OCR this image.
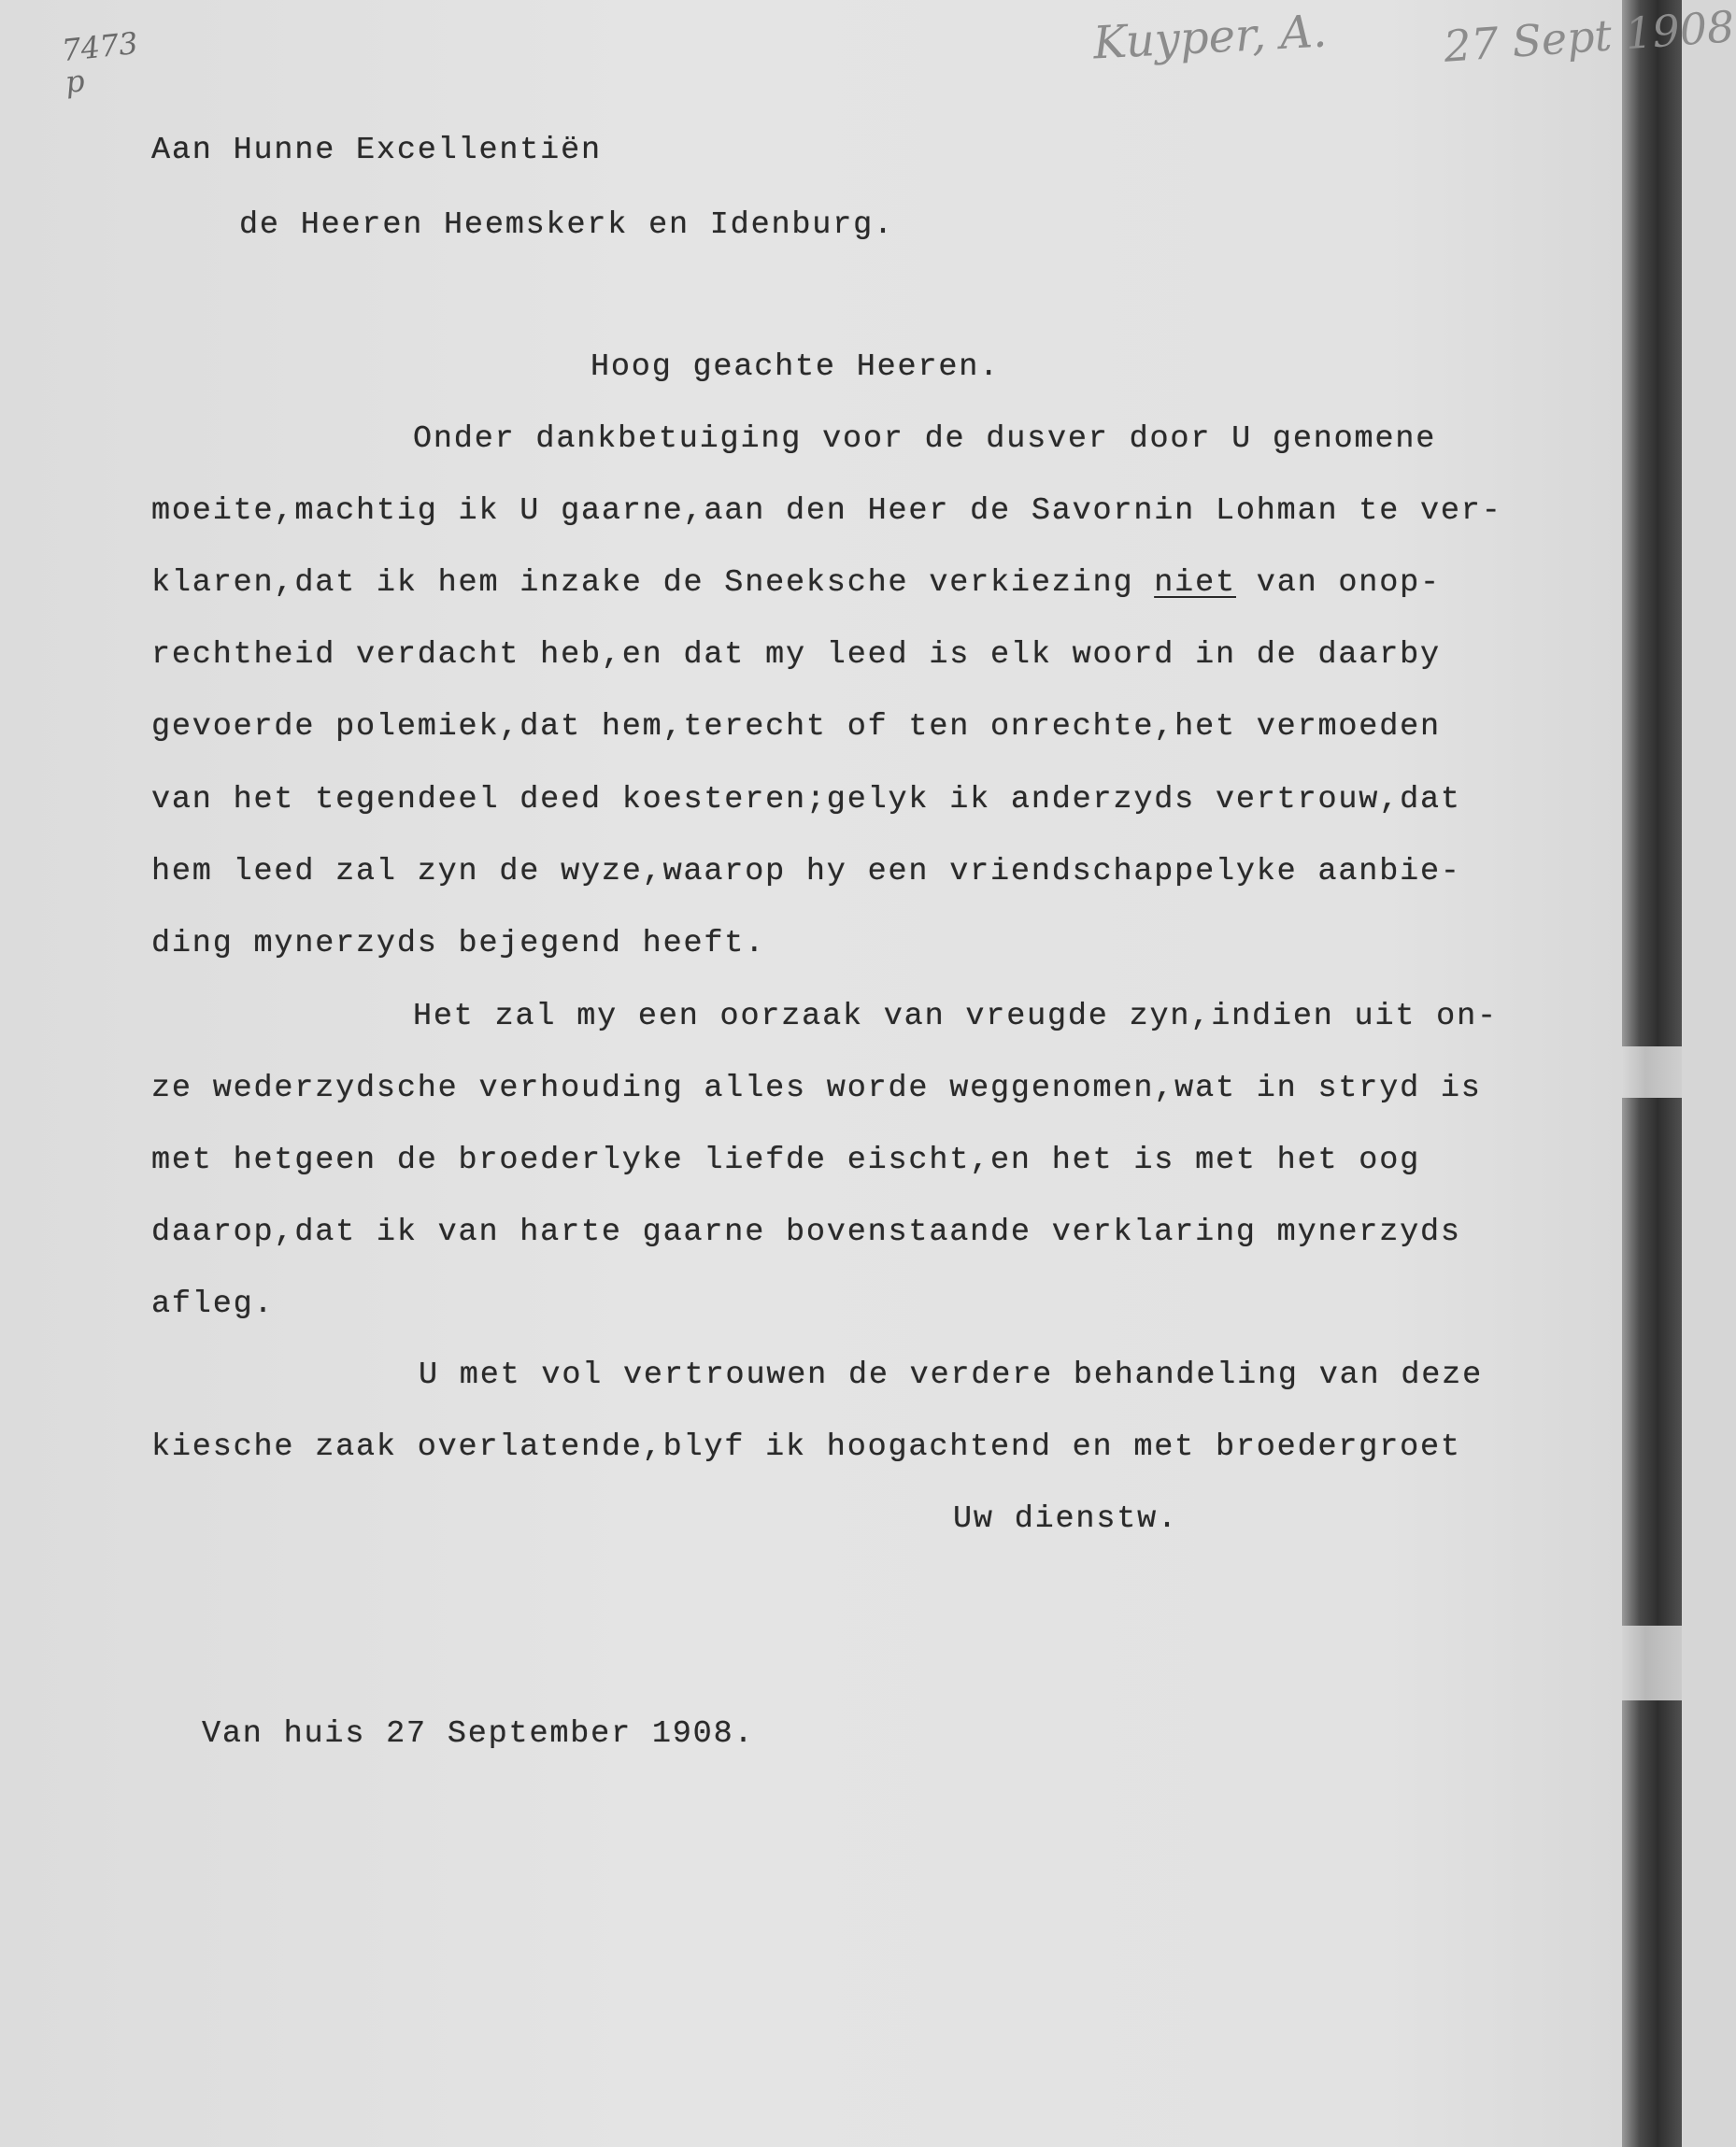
7473
p
Kuyper, A.	27 Sept 1908
Aan Hunne Excellentiën
de Heeren Heemskerk en Idenburg.
Hoog geachte Heeren.
Onder dankbetuiging voor de dusver door U genomene
moeite,machtig ik U gaarne,aan den Heer de Savornin Lohman te ver-
klaren,dat ik hem inzake de Sneeksche verkiezing niet van onop-
rechtheid verdacht heb,en dat my leed is elk woord in de daarby
gevoerde polemiek,dat hem,terecht of ten onrechte,het vermoeden
van het tegendeel deed koesteren;gelyk ik anderzyds vertrouw,dat
hem leed zal zyn de wyze,waarop hy een vriendschappelyke aanbie-
ding mynerzyds bejegend heeft.
Het zal my een oorzaak van vreugde zyn,indien uit on-
ze wederzydsche verhouding alles worde weggenomen,wat in stryd is
met hetgeen de broederlyke liefde eischt,en het is met het oog
daarop,dat ik van harte gaarne bovenstaande verklaring mynerzyds
afleg.
U met vol vertrouwen de verdere behandeling van deze
kiesche zaak overlatende,blyf ik hoogachtend en met broedergroet
Uw dienstw.
Van huis 27 September 1908.
